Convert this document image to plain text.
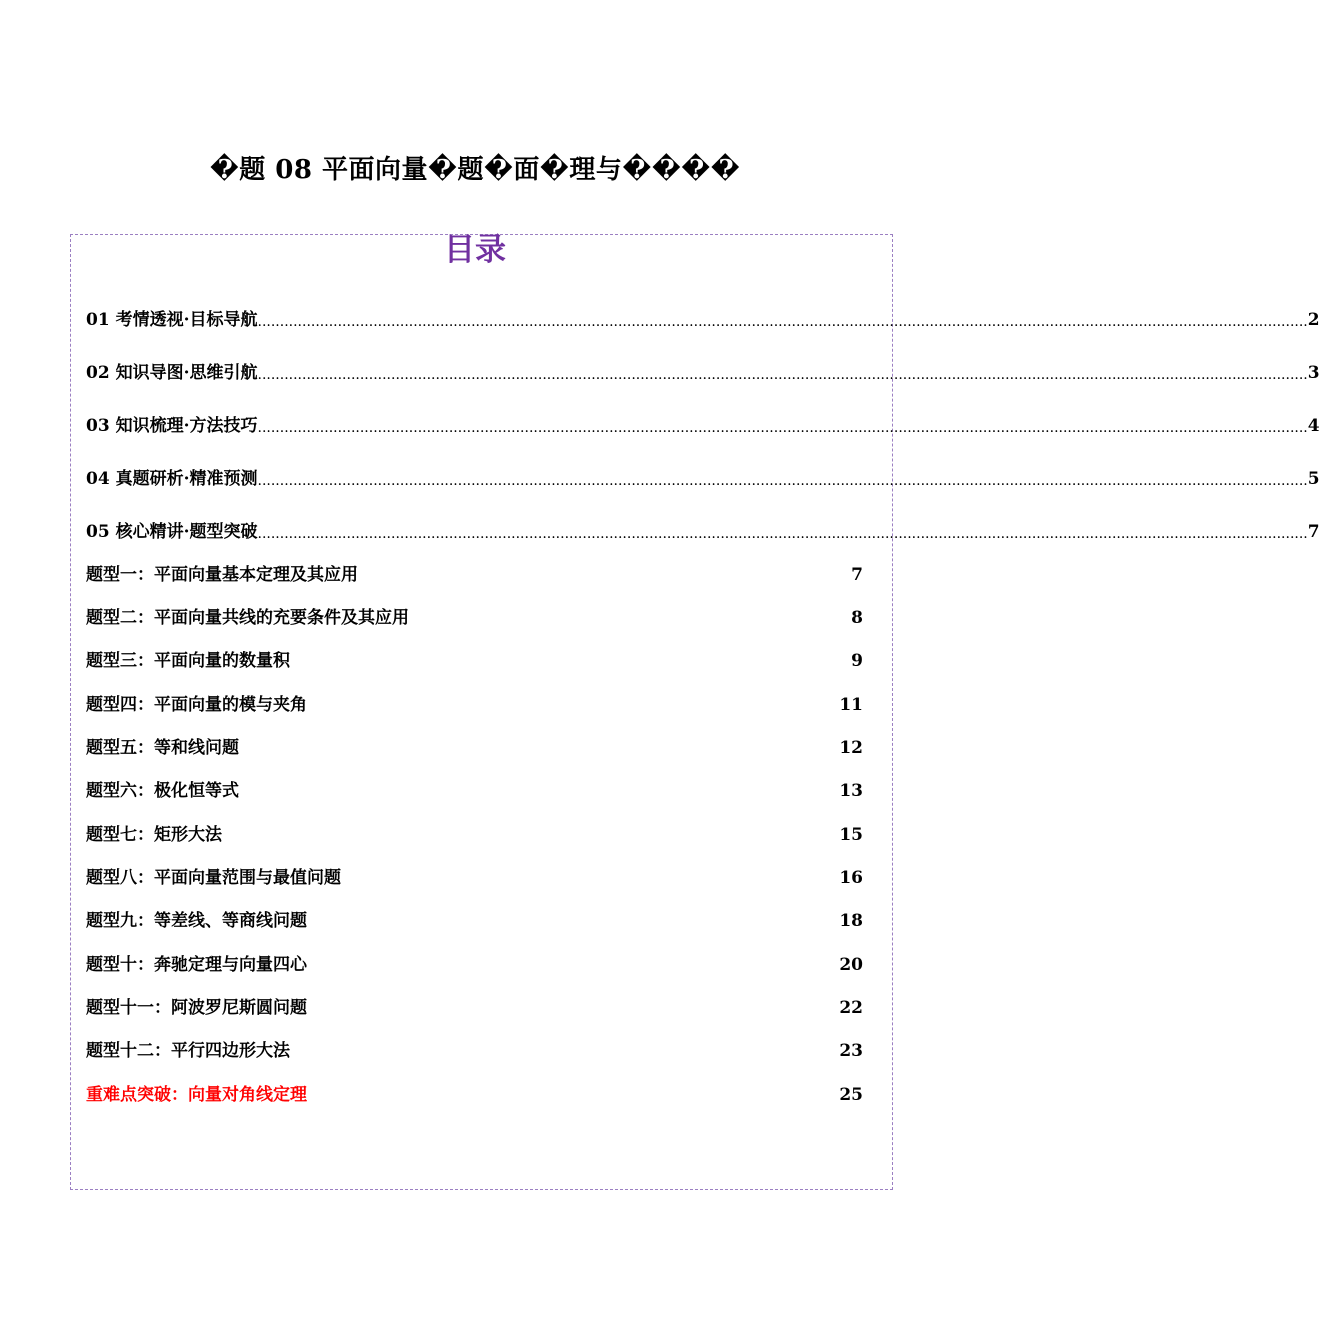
�题 08 平面向量�题�面�理与����
目录
01 考情透视·目标导航 ............................................................................................................................................................................................................................................ 2
02 知识导图·思维引航 ............................................................................................................................................................................................................................................ 3
03 知识梳理·方法技巧 ............................................................................................................................................................................................................................................ 4
04 真题研析·精准预测 ............................................................................................................................................................................................................................................ 5
05 核心精讲·题型突破 ............................................................................................................................................................................................................................................ 7
题型一：平面向量基本定理及其应用	7
题型二：平面向量共线的充要条件及其应用	8
题型三：平面向量的数量积	9
题型四：平面向量的模与夹角	11
题型五：等和线问题	12
题型六：极化恒等式	13
题型七：矩形大法	15
题型八：平面向量范围与最值问题	16
题型九：等差线、等商线问题	18
题型十：奔驰定理与向量四心	20
题型十一：阿波罗尼斯圆问题	22
题型十二：平行四边形大法	23
重难点突破：向量对角线定理	25
